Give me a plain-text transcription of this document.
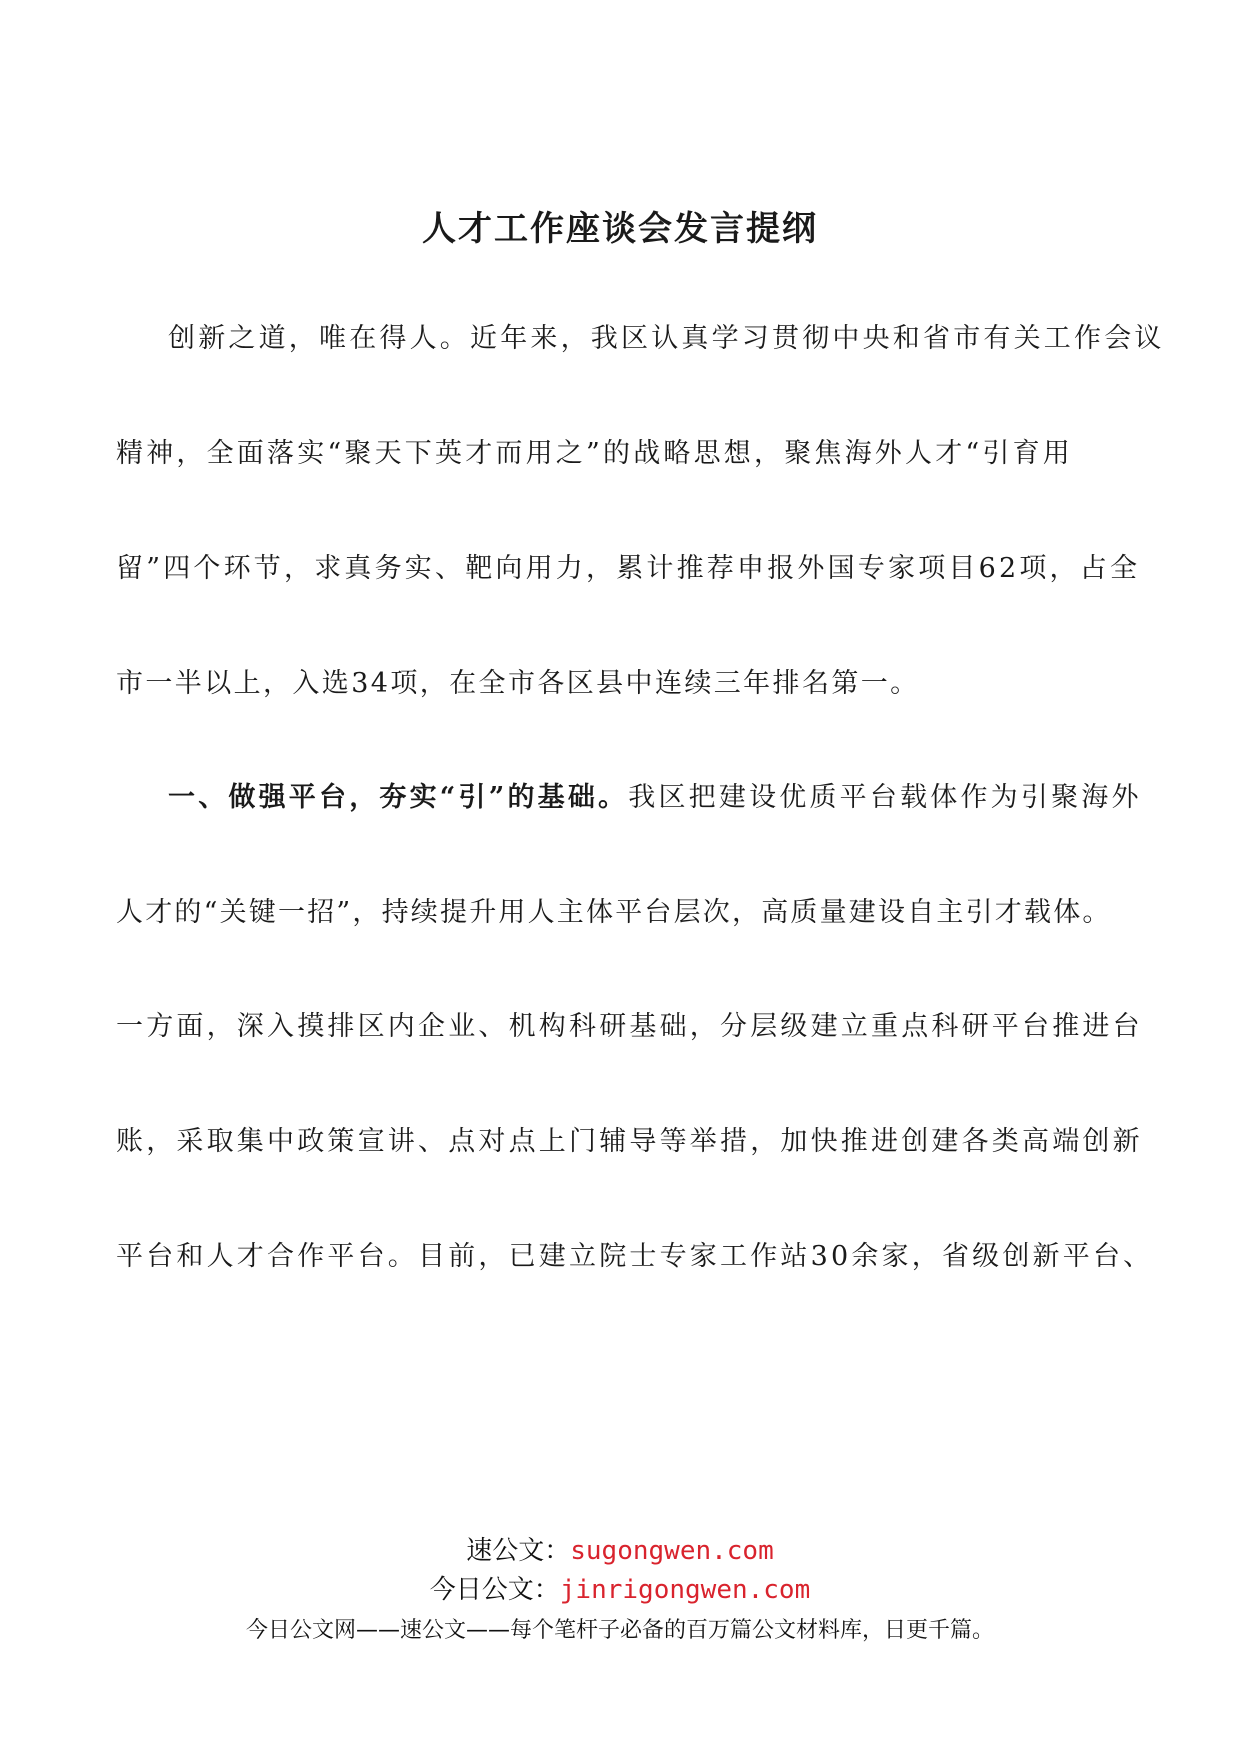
人才工作座谈会发言提纲

创新之道，唯在得人。近年来，我区认真学习贯彻中央和省市有关工作会议

精神，全面落实“聚天下英才而用之”的战略思想，聚焦海外人才“引育用

留”四个环节，求真务实、靶向用力，累计推荐申报外国专家项目62项，占全

市一半以上，入选34项，在全市各区县中连续三年排名第一。

一、做强平台，夯实“引”的基础。我区把建设优质平台载体作为引聚海外

人才的“关键一招”，持续提升用人主体平台层次，高质量建设自主引才载体。

一方面，深入摸排区内企业、机构科研基础，分层级建立重点科研平台推进台

账，采取集中政策宣讲、点对点上门辅导等举措，加快推进创建各类高端创新

平台和人才合作平台。目前，已建立院士专家工作站30余家，省级创新平台、

速公文：sugongwen.com
今日公文：jinrigongwen.com
今日公文网——速公文——每个笔杆子必备的百万篇公文材料库，日更千篇。
